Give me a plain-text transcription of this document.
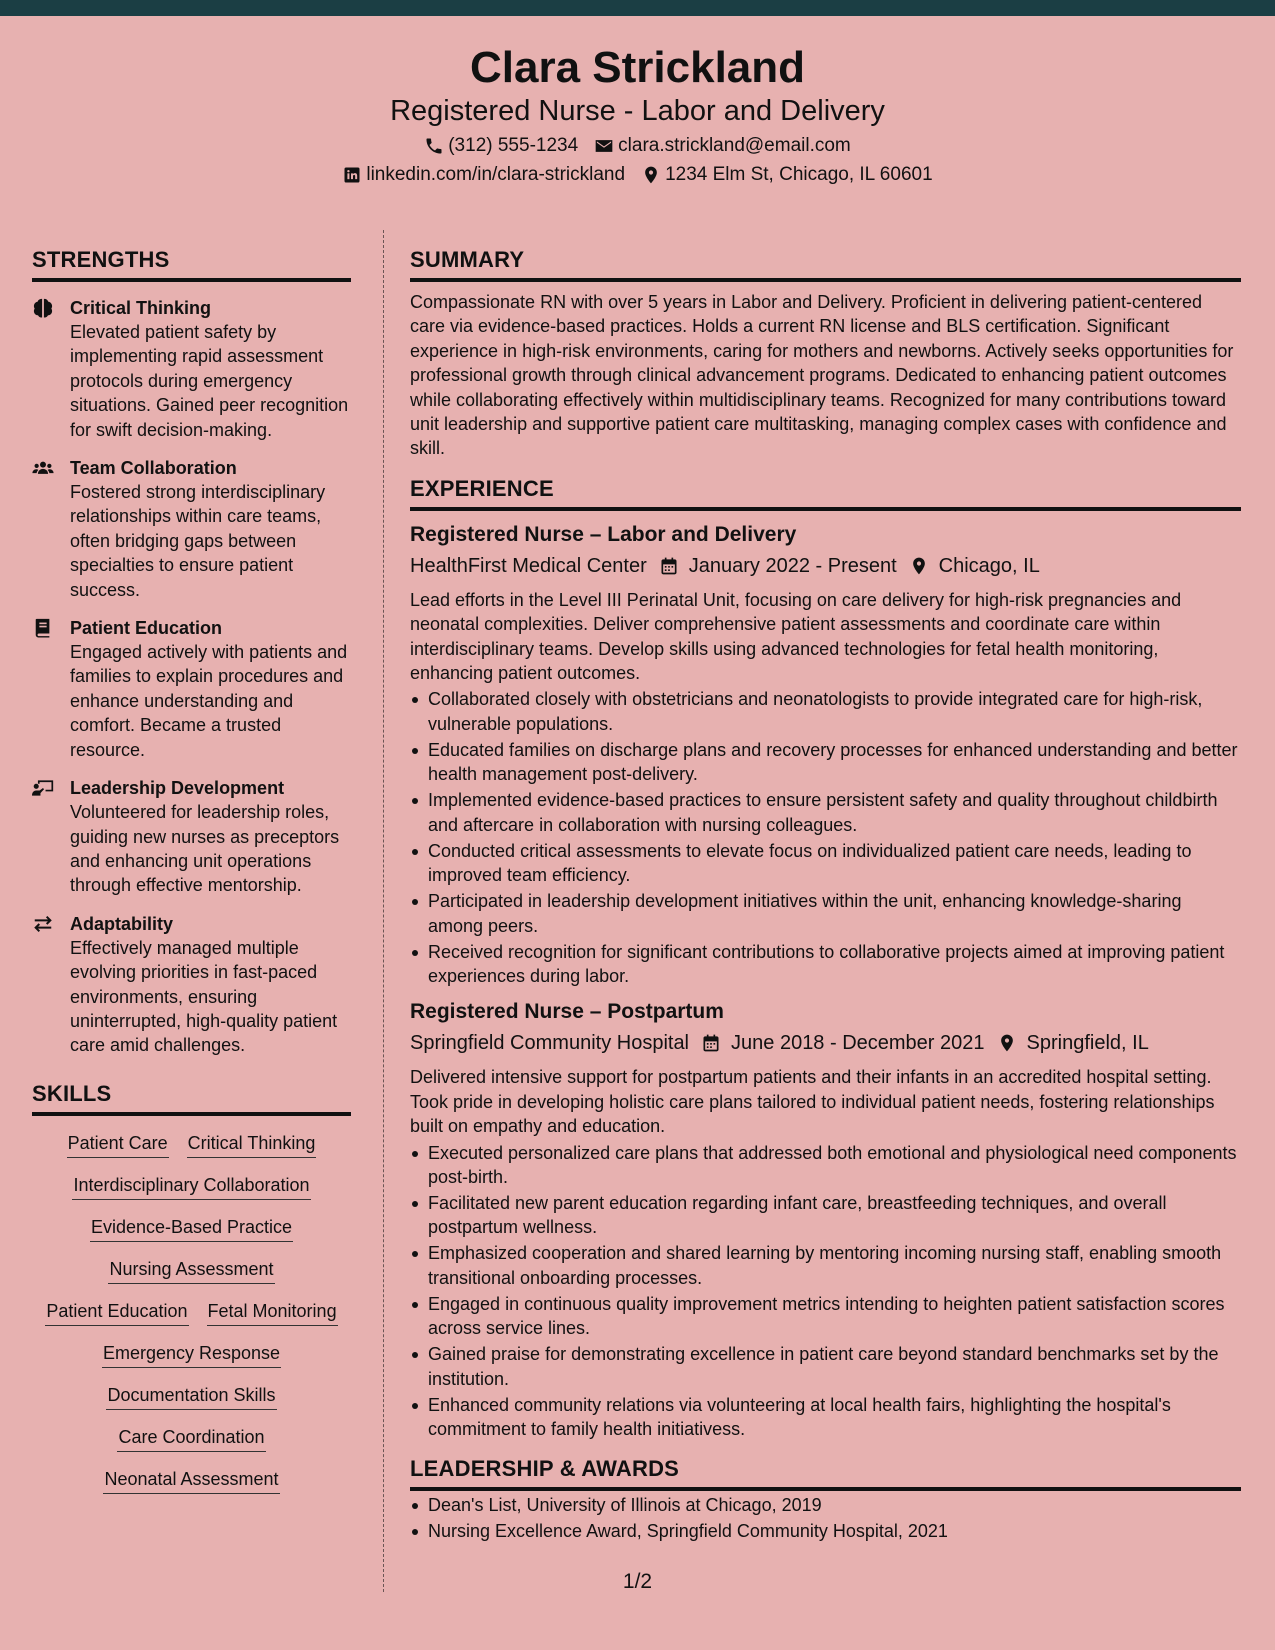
Clara Strickland
Registered Nurse - Labor and Delivery
(312) 555-1234 clara.strickland@email.com
linkedin.com/in/clara-strickland 1234 Elm St, Chicago, IL 60601
STRENGTHS
Critical Thinking
Elevated patient safety by implementing rapid assessment protocols during emergency situations. Gained peer recognition for swift decision-making.
Team Collaboration
Fostered strong interdisciplinary relationships within care teams, often bridging gaps between specialties to ensure patient success.
Patient Education
Engaged actively with patients and families to explain procedures and enhance understanding and comfort. Became a trusted resource.
Leadership Development
Volunteered for leadership roles, guiding new nurses as preceptors and enhancing unit operations through effective mentorship.
Adaptability
Effectively managed multiple evolving priorities in fast-paced environments, ensuring uninterrupted, high-quality patient care amid challenges.
SKILLS
Patient Care Critical Thinking
Interdisciplinary Collaboration
Evidence-Based Practice
Nursing Assessment
Patient Education Fetal Monitoring
Emergency Response
Documentation Skills
Care Coordination
Neonatal Assessment
SUMMARY
Compassionate RN with over 5 years in Labor and Delivery. Proficient in delivering patient-centered care via evidence-based practices. Holds a current RN license and BLS certification. Significant experience in high-risk environments, caring for mothers and newborns. Actively seeks opportunities for professional growth through clinical advancement programs. Dedicated to enhancing patient outcomes while collaborating effectively within multidisciplinary teams. Recognized for many contributions toward unit leadership and supportive patient care multitasking, managing complex cases with confidence and skill.
EXPERIENCE
Registered Nurse – Labor and Delivery
HealthFirst Medical Center January 2022 - Present Chicago, IL
Lead efforts in the Level III Perinatal Unit, focusing on care delivery for high-risk pregnancies and neonatal complexities. Deliver comprehensive patient assessments and coordinate care within interdisciplinary teams. Develop skills using advanced technologies for fetal health monitoring, enhancing patient outcomes.
Collaborated closely with obstetricians and neonatologists to provide integrated care for high-risk, vulnerable populations.
Educated families on discharge plans and recovery processes for enhanced understanding and better health management post-delivery.
Implemented evidence-based practices to ensure persistent safety and quality throughout childbirth and aftercare in collaboration with nursing colleagues.
Conducted critical assessments to elevate focus on individualized patient care needs, leading to improved team efficiency.
Participated in leadership development initiatives within the unit, enhancing knowledge-sharing among peers.
Received recognition for significant contributions to collaborative projects aimed at improving patient experiences during labor.
Registered Nurse – Postpartum
Springfield Community Hospital June 2018 - December 2021 Springfield, IL
Delivered intensive support for postpartum patients and their infants in an accredited hospital setting. Took pride in developing holistic care plans tailored to individual patient needs, fostering relationships built on empathy and education.
Executed personalized care plans that addressed both emotional and physiological need components post-birth.
Facilitated new parent education regarding infant care, breastfeeding techniques, and overall postpartum wellness.
Emphasized cooperation and shared learning by mentoring incoming nursing staff, enabling smooth transitional onboarding processes.
Engaged in continuous quality improvement metrics intending to heighten patient satisfaction scores across service lines.
Gained praise for demonstrating excellence in patient care beyond standard benchmarks set by the institution.
Enhanced community relations via volunteering at local health fairs, highlighting the hospital's commitment to family health initiativess.
LEADERSHIP & AWARDS
Dean's List, University of Illinois at Chicago, 2019
Nursing Excellence Award, Springfield Community Hospital, 2021
1/2
